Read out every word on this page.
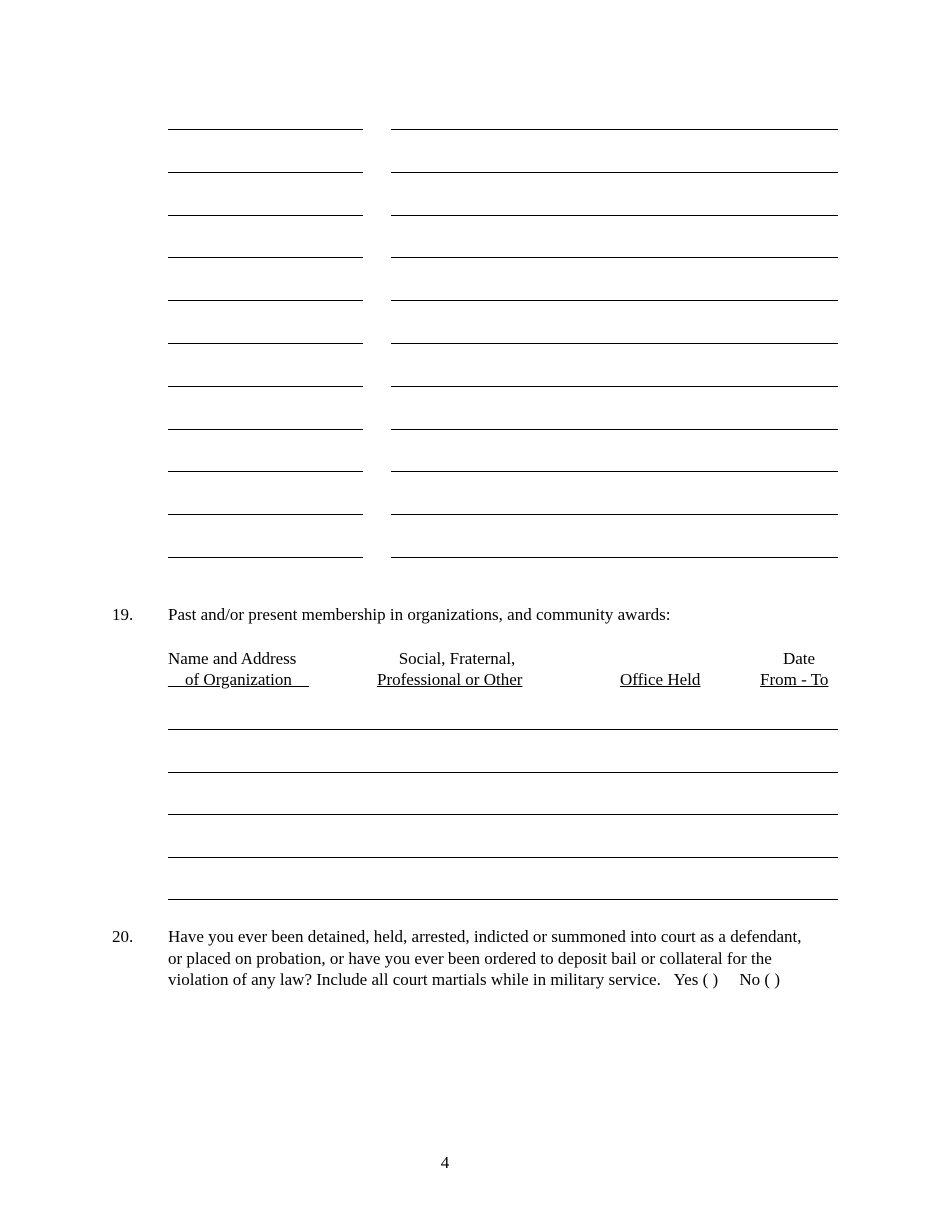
19. Past and/or present membership in organizations, and community awards:
Name and Address
__of Organization__
Social, Fraternal,
Professional or Other	Office Held
Date
From - To
20. Have you ever been detained, held, arrested, indicted or summoned into court as a defendant, or placed on probation, or have you ever been ordered to deposit bail or collateral for the violation of any law? Include all court martials while in military service. Yes ( ) No ( )
4
